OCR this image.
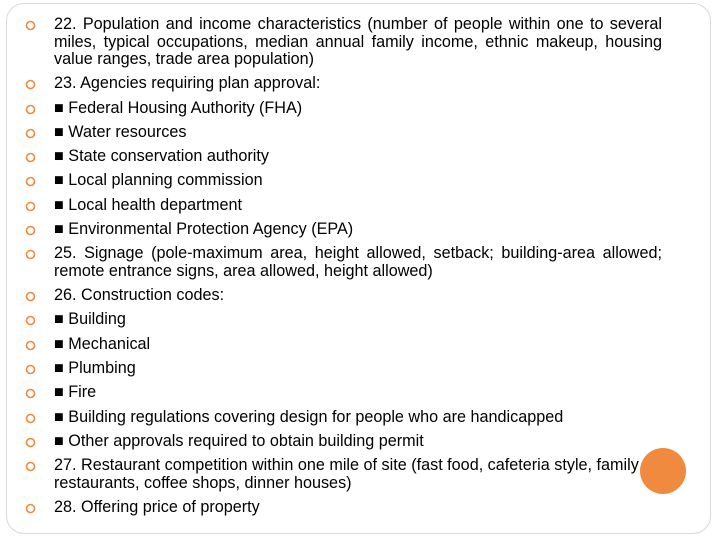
22. Population and income characteristics (number of people within one to several miles, typical occupations, median annual family income, ethnic makeup, housing value ranges, trade area population)
23. Agencies requiring plan approval:
■ Federal Housing Authority (FHA)
■ Water resources
■ State conservation authority
■ Local planning commission
■ Local health department
■ Environmental Protection Agency (EPA)
25. Signage (pole-maximum area, height allowed, setback; building-area allowed; remote entrance signs, area allowed, height allowed)
26. Construction codes:
■ Building
■ Mechanical
■ Plumbing
■ Fire
■ Building regulations covering design for people who are handicapped
■ Other approvals required to obtain building permit
27. Restaurant competition within one mile of site (fast food, cafeteria style, family restaurants, coffee shops, dinner houses)
28. Offering price of property
